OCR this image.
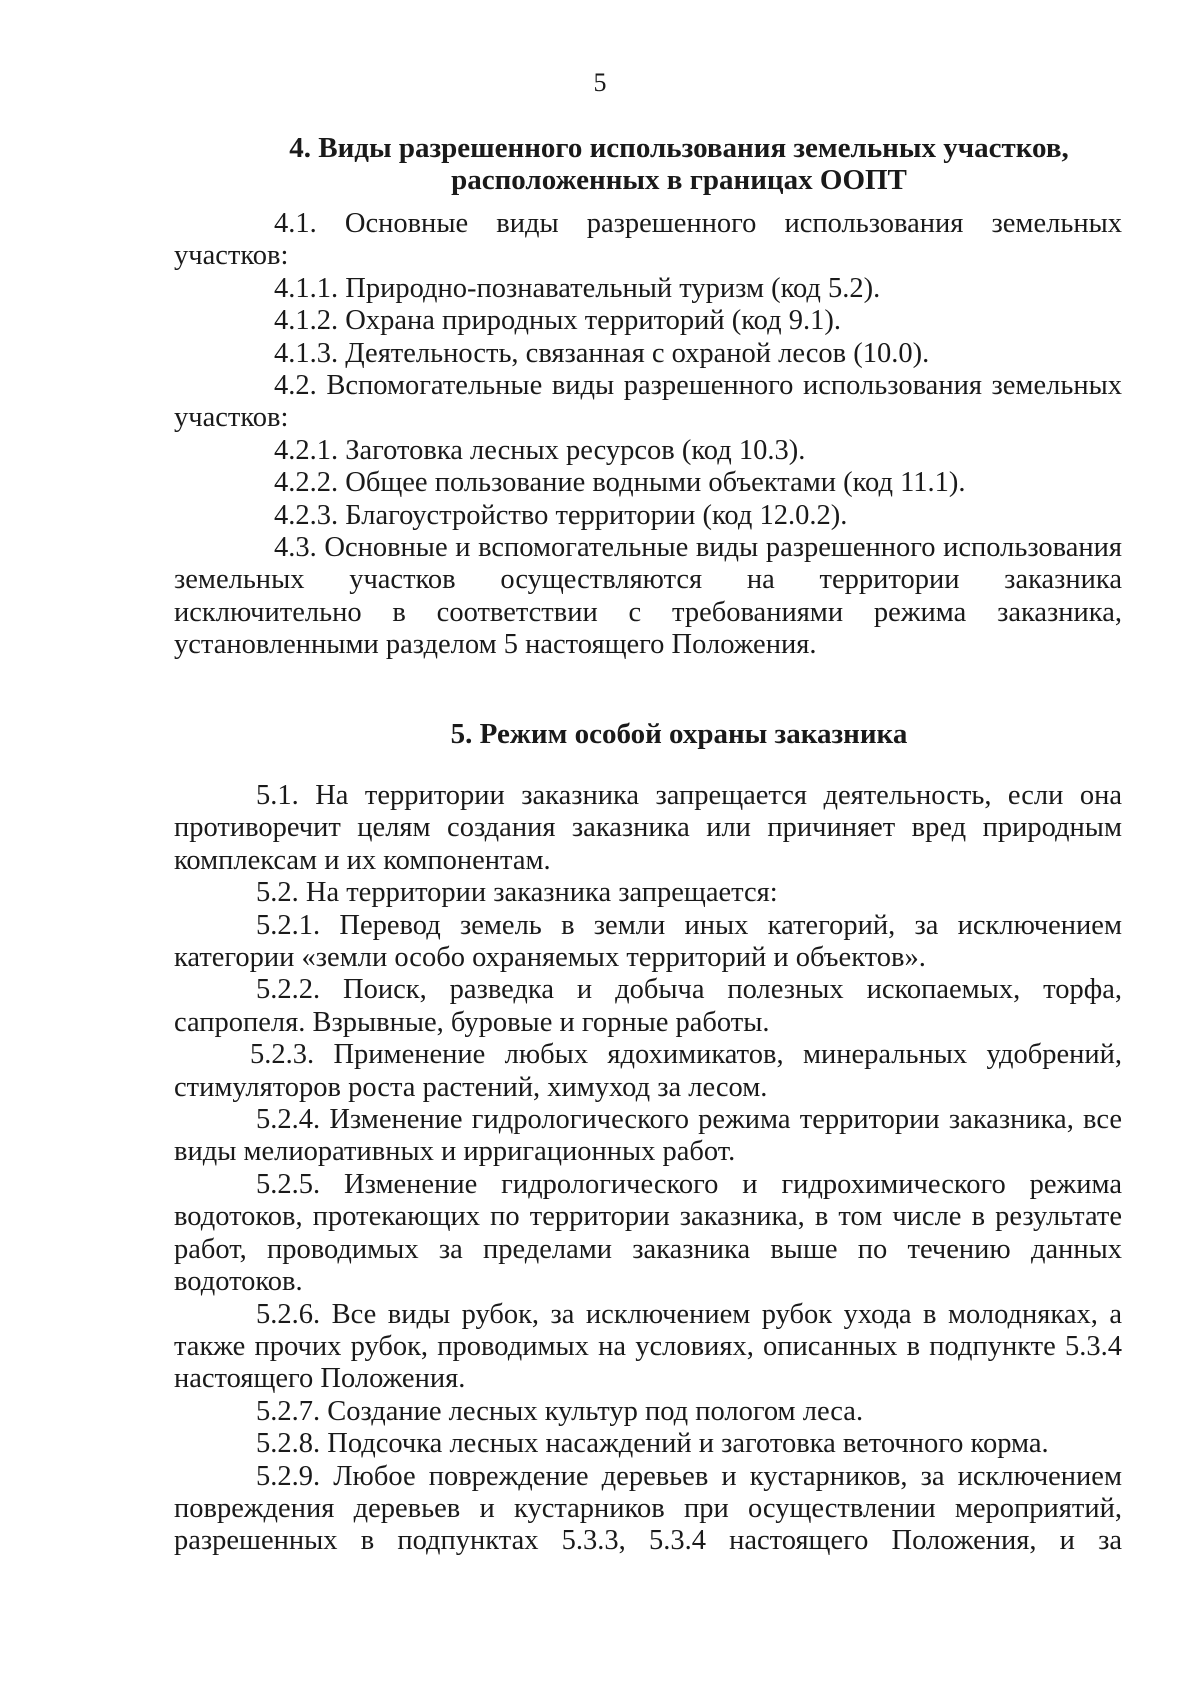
5
4. Виды разрешенного использования земельных участков,
расположенных в границах ООПТ

4.1. Основные виды разрешенного использования земельных участков:

4.1.1. Природно-познавательный туризм (код 5.2).

4.1.2. Охрана природных территорий (код 9.1).

4.1.3. Деятельность, связанная с охраной лесов (10.0).

4.2. Вспомогательные виды разрешенного использования земельных участков:

4.2.1. Заготовка лесных ресурсов (код 10.3).

4.2.2. Общее пользование водными объектами (код 11.1).

4.2.3. Благоустройство территории (код 12.0.2).

4.3. Основные и вспомогательные виды разрешенного использования земельных участков осуществляются на территории заказника исключительно в соответствии с требованиями режима заказника, установленными разделом 5 настоящего Положения.

5. Режим особой охраны заказника

5.1. На территории заказника запрещается деятельность, если она противоречит целям создания заказника или причиняет вред природным комплексам и их компонентам.

5.2. На территории заказника запрещается:

5.2.1. Перевод земель в земли иных категорий, за исключением категории «земли особо охраняемых территорий и объектов».

5.2.2. Поиск, разведка и добыча полезных ископаемых, торфа, сапропеля. Взрывные, буровые и горные работы.

5.2.3. Применение любых ядохимикатов, минеральных удобрений, стимуляторов роста растений, химуход за лесом.

5.2.4. Изменение гидрологического режима территории заказника, все виды мелиоративных и ирригационных работ.

5.2.5. Изменение гидрологического и гидрохимического режима водотоков, протекающих по территории заказника, в том числе в результате работ, проводимых за пределами заказника выше по течению данных водотоков.

5.2.6. Все виды рубок, за исключением рубок ухода в молодняках, а также прочих рубок, проводимых на условиях, описанных в подпункте 5.3.4 настоящего Положения.

5.2.7. Создание лесных культур под пологом леса.

5.2.8. Подсочка лесных насаждений и заготовка веточного корма.

5.2.9. Любое повреждение деревьев и кустарников, за исключением повреждения деревьев и кустарников при осуществлении мероприятий, разрешенных в подпунктах 5.3.3, 5.3.4 настоящего Положения, и за
